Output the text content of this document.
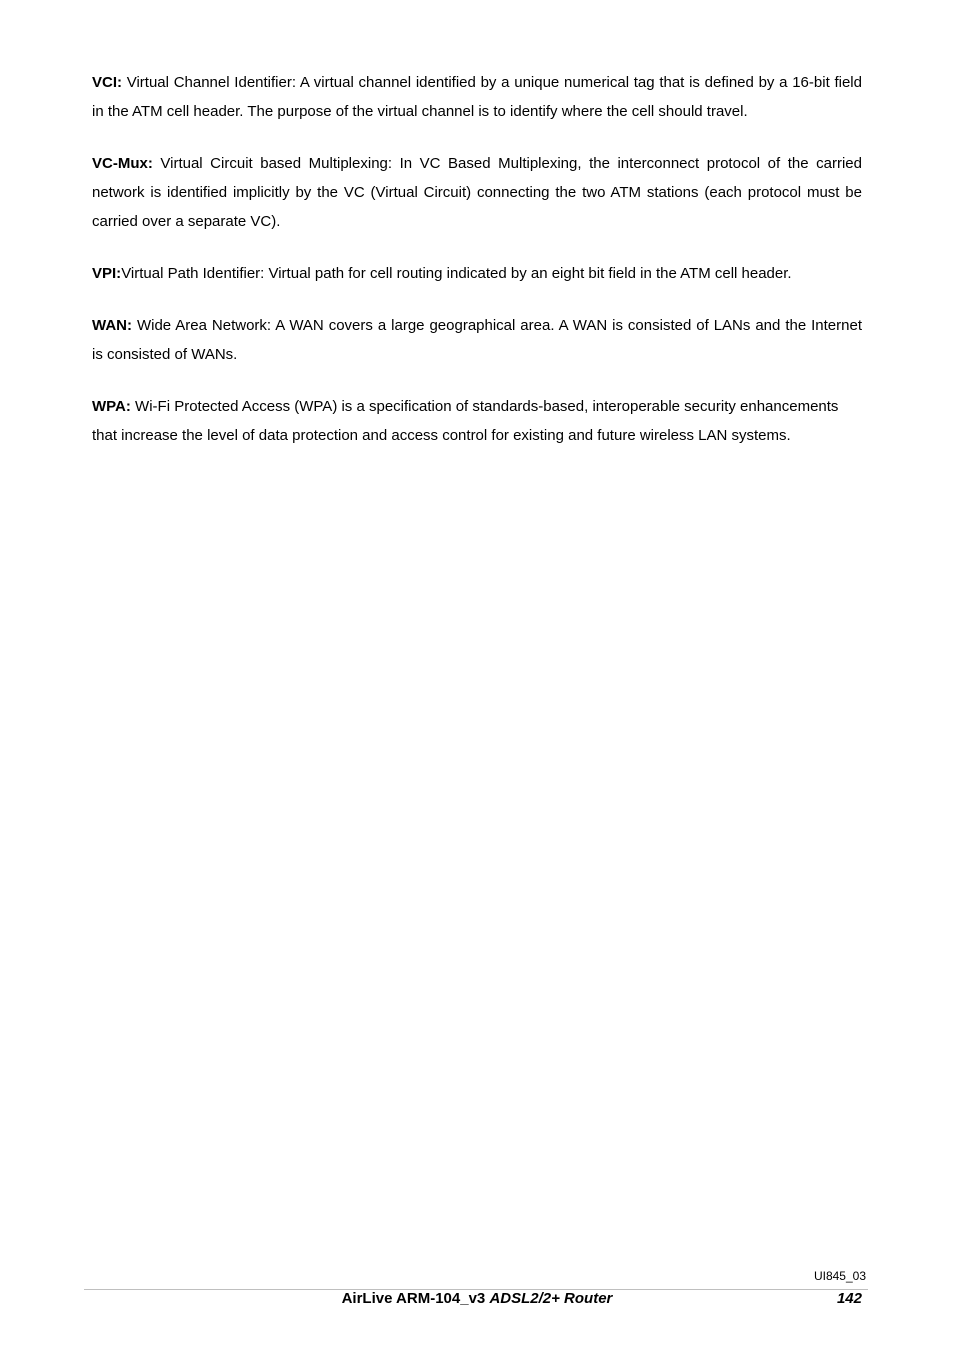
VCI: Virtual Channel Identifier: A virtual channel identified by a unique numerical tag that is defined by a 16-bit field in the ATM cell header. The purpose of the virtual channel is to identify where the cell should travel.

VC-Mux: Virtual Circuit based Multiplexing: In VC Based Multiplexing, the interconnect protocol of the carried network is identified implicitly by the VC (Virtual Circuit) connecting the two ATM stations (each protocol must be carried over a separate VC).

VPI:Virtual Path Identifier: Virtual path for cell routing indicated by an eight bit field in the ATM cell header.

WAN: Wide Area Network: A WAN covers a large geographical area. A WAN is consisted of LANs and the Internet is consisted of WANs.

WPA: Wi-Fi Protected Access (WPA) is a specification of standards-based, interoperable security enhancements that increase the level of data protection and access control for existing and future wireless LAN systems.

UI845_03
AirLive ARM-104_v3 ADSL2/2+ Router	142
